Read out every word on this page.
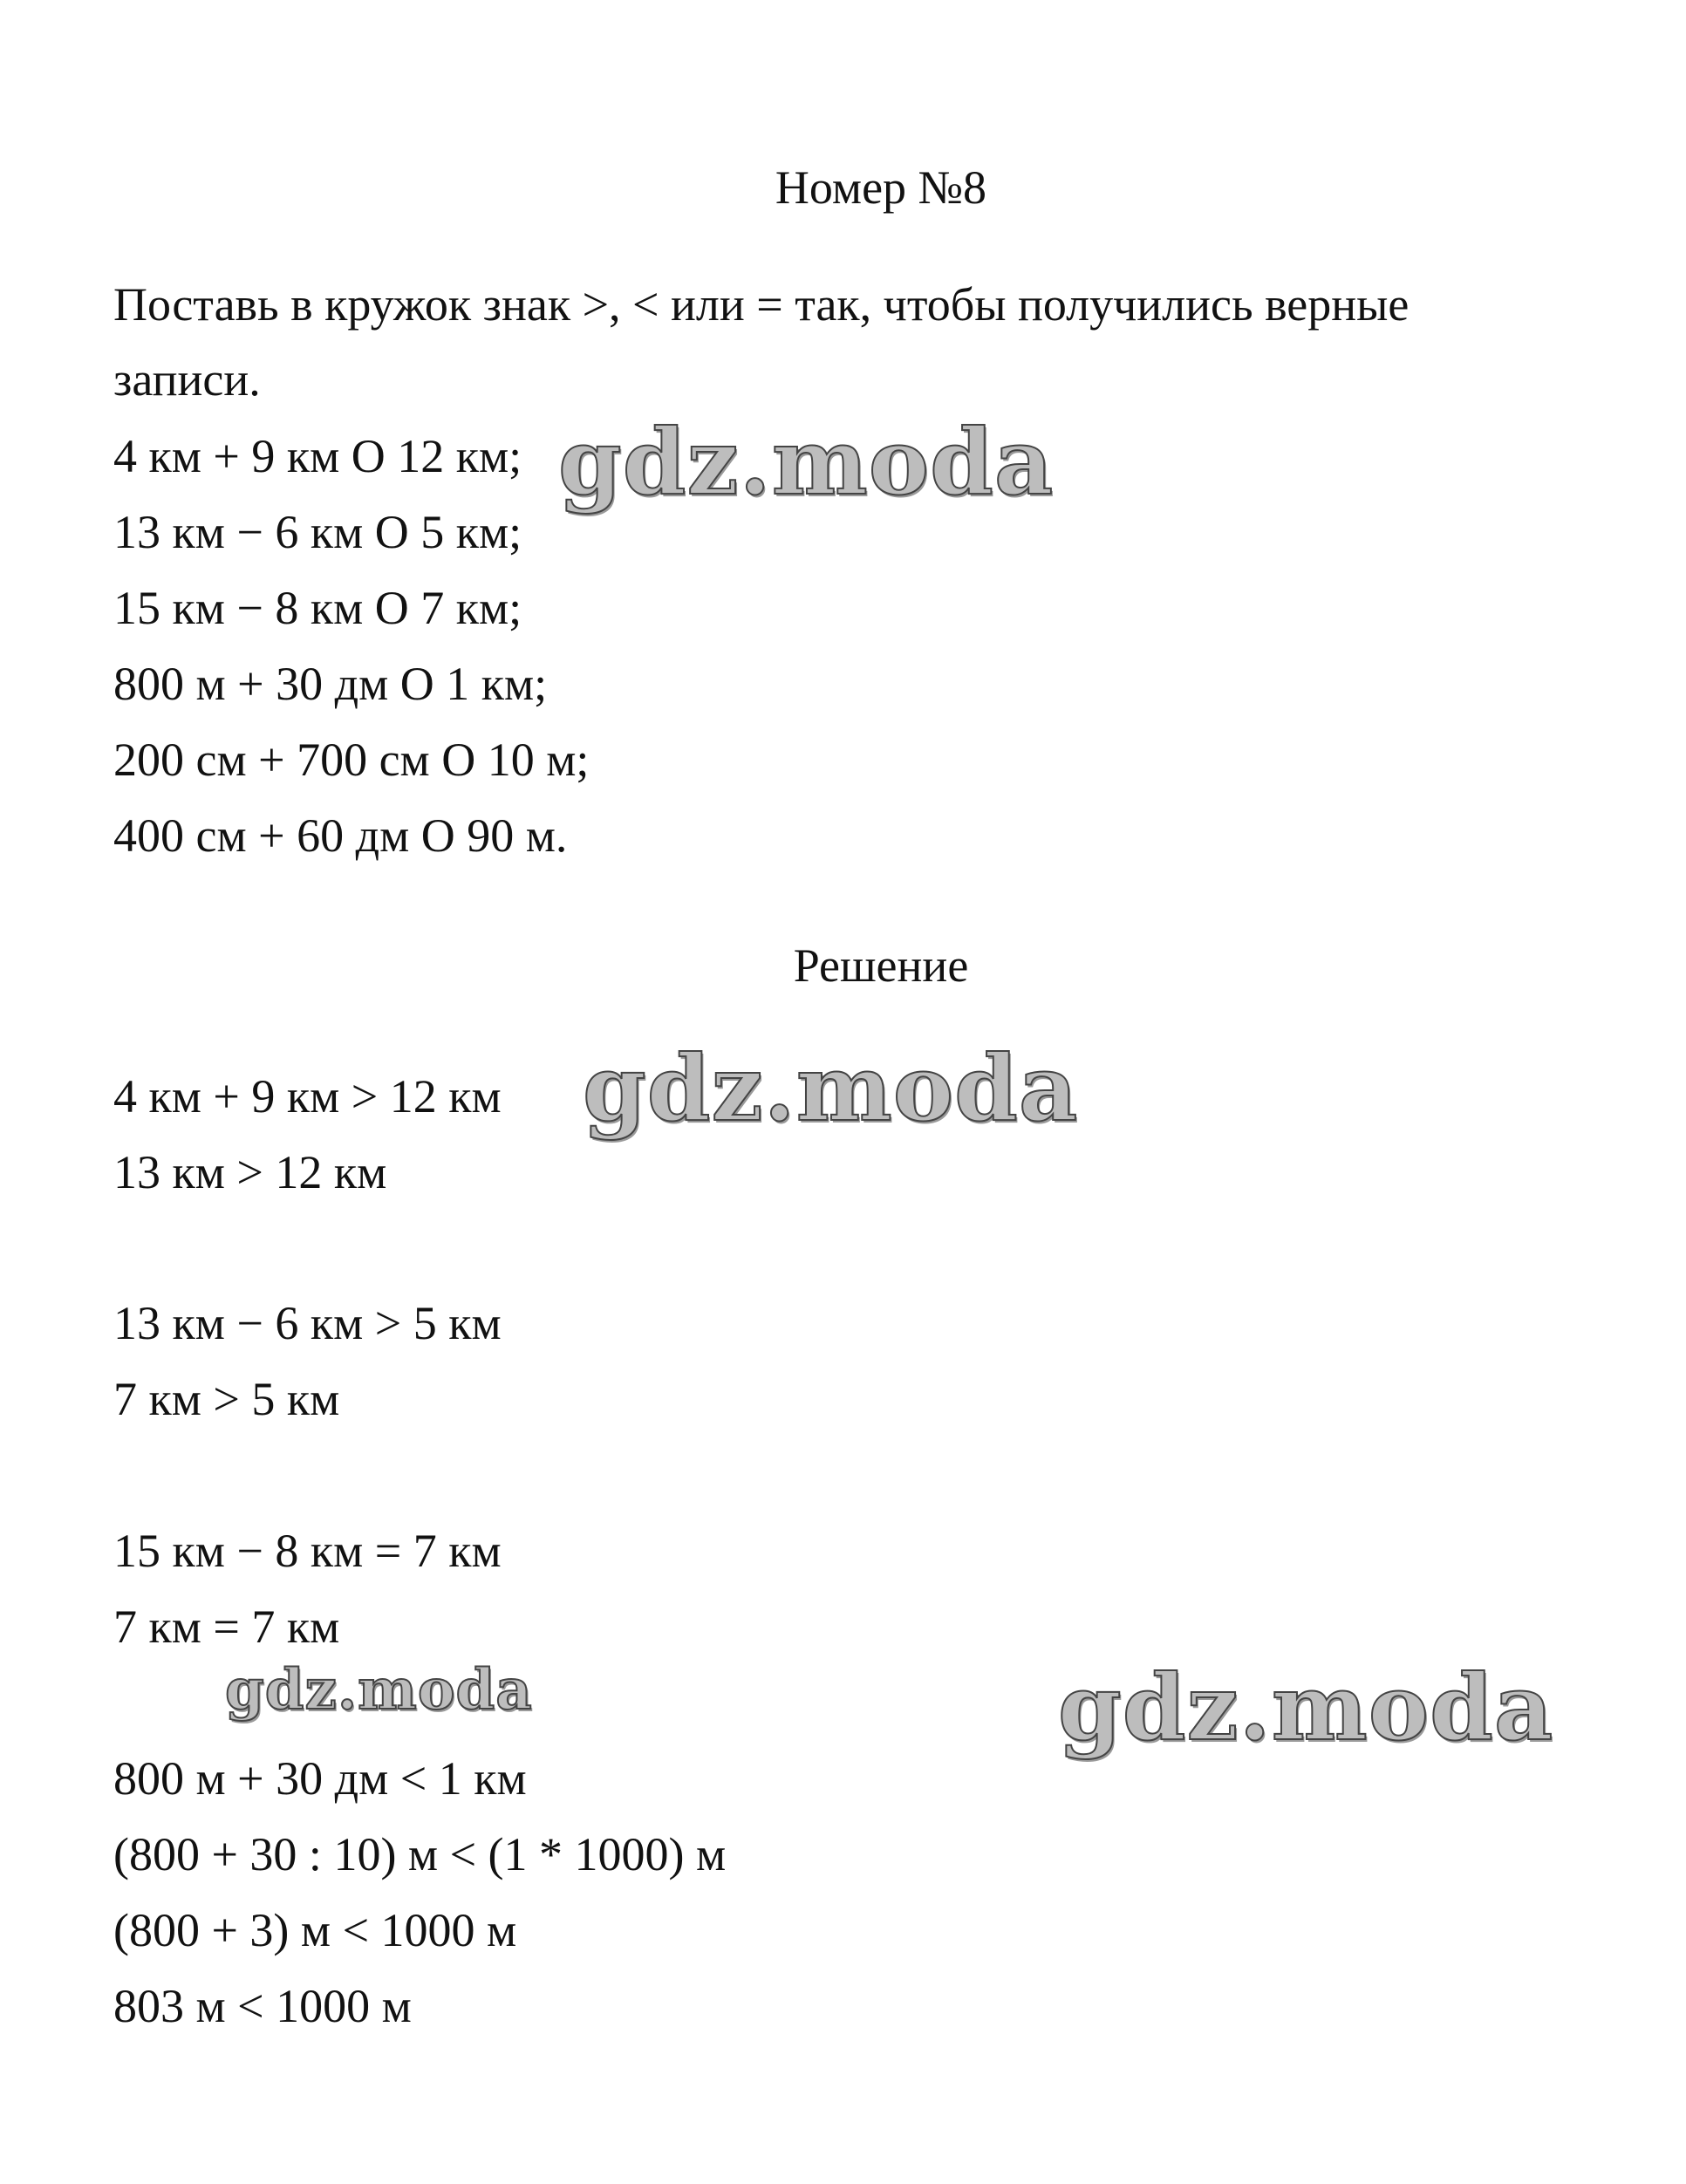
Номер №8
Поставь в кружок знак >, < или = так, чтобы получились верные
записи.
4 км + 9 км О 12 км;
13 км − 6 км О 5 км;
15 км − 8 км О 7 км;
800 м + 30 дм О 1 км;
200 см + 700 см О 10 м;
400 см + 60 дм О 90 м.
Решение
4 км + 9 км > 12 км
13 км > 12 км
13 км − 6 км > 5 км
7 км > 5 км
15 км − 8 км = 7 км
7 км = 7 км
800 м + 30 дм < 1 км
(800 + 30 : 10) м < (1 * 1000) м
(800 + 3) м < 1000 м
803 м < 1000 м
gdz.moda
gdz.moda
gdz.moda	gdz.moda
